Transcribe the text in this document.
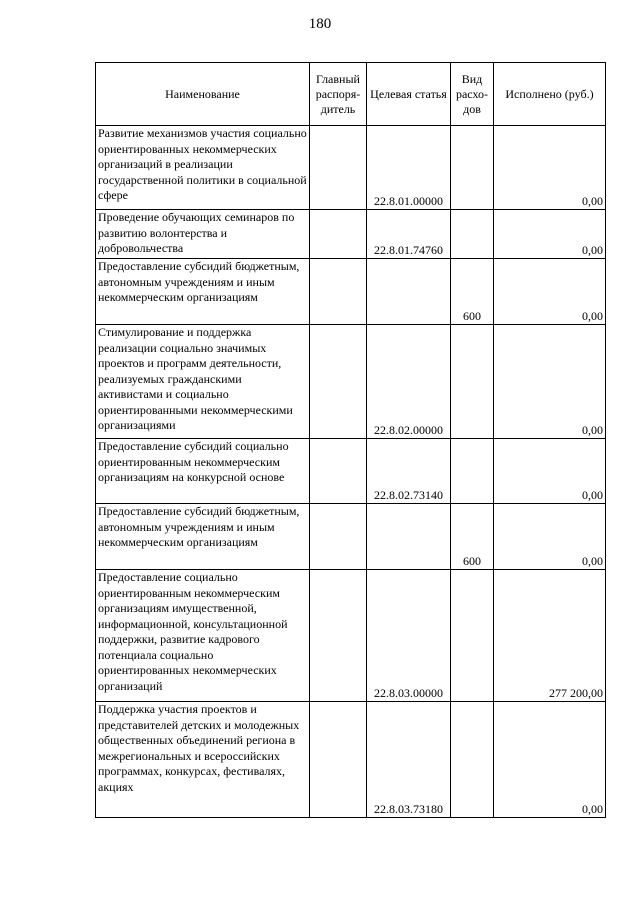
180
Наименование	Главный распоря-дитель	Целевая статья	Вид расхо-дов	Исполнено (руб.)
Развитие механизмов участия социально ориентированных некоммерческих организаций в реализации государственной политики в социальной сфере		22.8.01.00000		0,00
Проведение обучающих семинаров по развитию волонтерства и добровольчества		22.8.01.74760		0,00
Предоставление субсидий бюджетным, автономным учреждениям и иным некоммерческим организациям			600	0,00
Стимулирование и поддержка реализации социально значимых проектов и программ деятельности, реализуемых гражданскими активистами и социально ориентированными некоммерческими организациями		22.8.02.00000		0,00
Предоставление субсидий социально ориентированным некоммерческим организациям на конкурсной основе		22.8.02.73140		0,00
Предоставление субсидий бюджетным, автономным учреждениям и иным некоммерческим организациям			600	0,00
Предоставление социально ориентированным некоммерческим организациям имущественной, информационной, консультационной поддержки, развитие кадрового потенциала социально ориентированных некоммерческих организаций		22.8.03.00000		277 200,00
Поддержка участия проектов и представителей детских и молодежных общественных объединений региона в межрегиональных и всероссийских программах, конкурсах, фестивалях, акциях		22.8.03.73180		0,00
